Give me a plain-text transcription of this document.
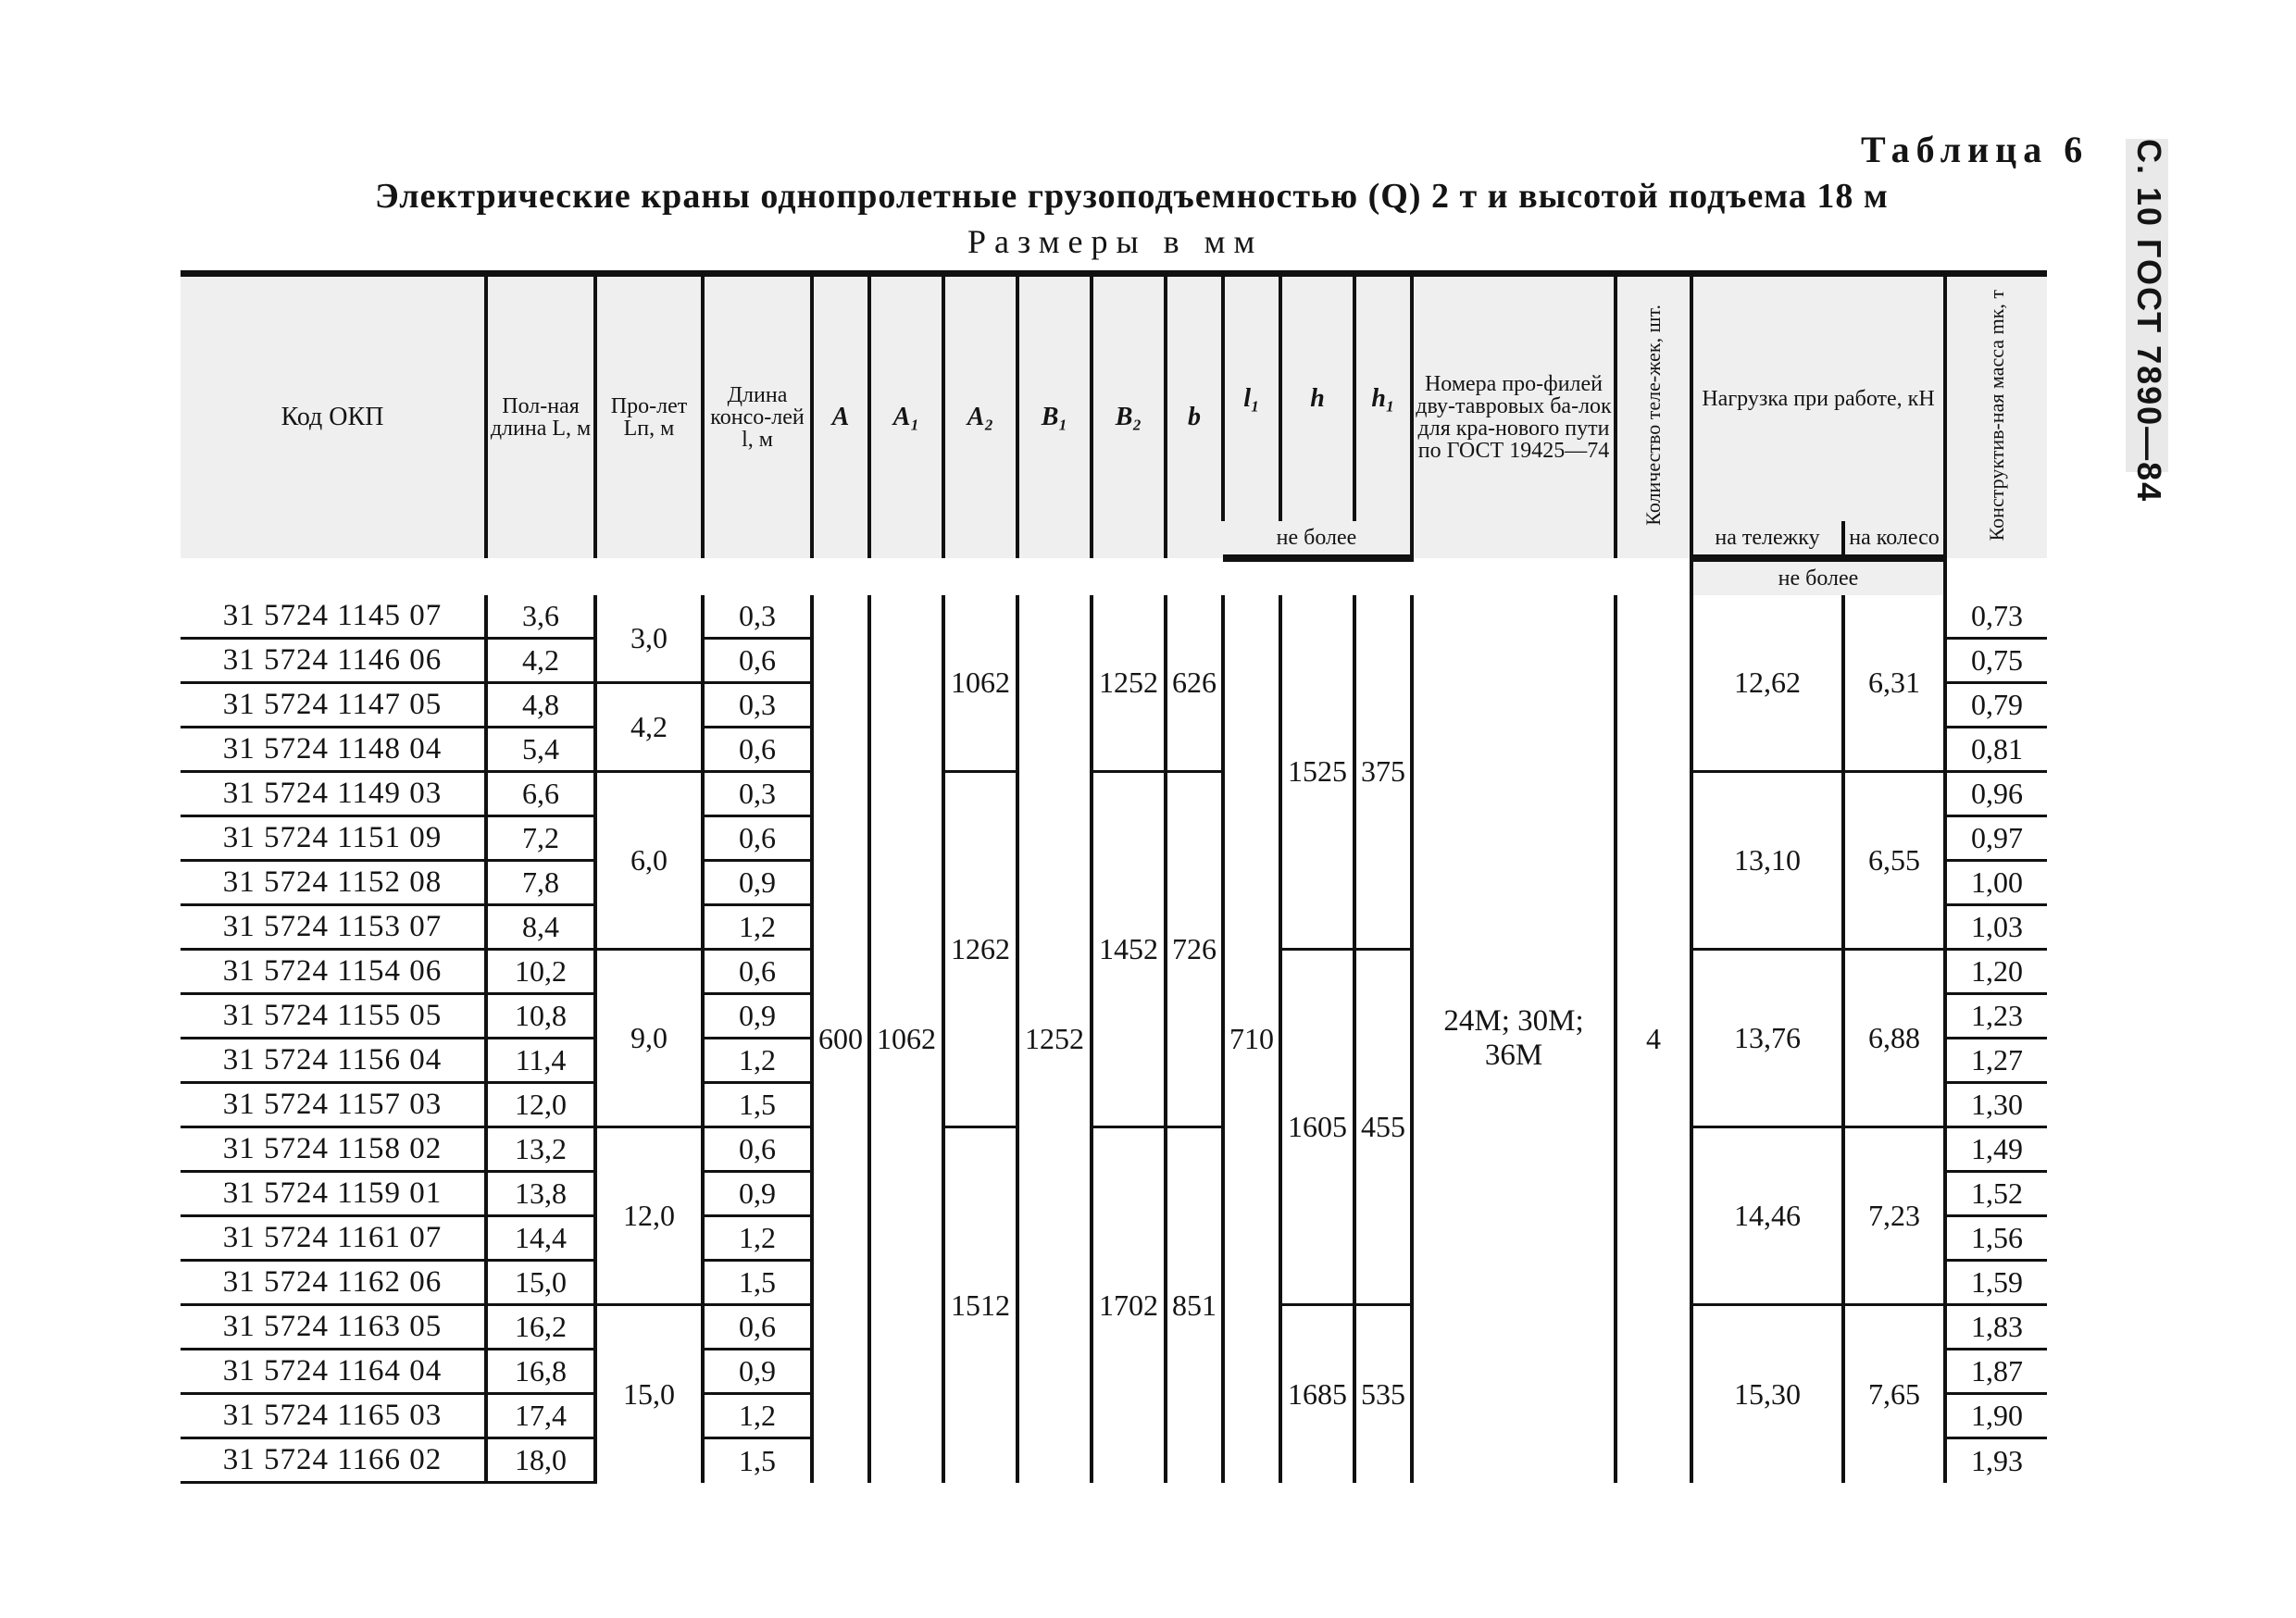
Таблица 6 С. 10 ГОСТ 7890—84
Электрические краны однопролетные грузоподъемностью (Q) 2 т и высотой подъема 18 м
Размеры в мм
Код ОКП	Пол-ная длина L, м	Про-лет Lп, м	Длина консо-лей l, м	A	A₁	A₂	B₁	B₂	b	l₁	h	h₁	Номера про-филей дву-тавровых ба-лок для кра-нового пути по ГОСТ 19425—74	Количество теле-жек, шт.	Нагрузка при работе, кН		Конструктив-ная масса mк, т
										не более					на тележку	на колесо	
															не более		
31 5724 1145 07	3,6	3,0	0,3	600	1062	1062	1252	1252	626	710	1525	375	24М; 30М; 36М	4	12,62	6,31	0,73
31 5724 1146 06	4,2		0,6														0,75
31 5724 1147 05	4,8	4,2	0,3														0,79
31 5724 1148 04	5,4		0,6														0,81
31 5724 1149 03	6,6	6,0	0,3			1262		1452	726						13,10	6,55	0,96
31 5724 1151 09	7,2		0,6														0,97
31 5724 1152 08	7,8		0,9														1,00
31 5724 1153 07	8,4		1,2														1,03
31 5724 1154 06	10,2	9,0	0,6								1605	455			13,76	6,88	1,20
31 5724 1155 05	10,8		0,9														1,23
31 5724 1156 04	11,4		1,2														1,27
31 5724 1157 03	12,0		1,5														1,30
31 5724 1158 02	13,2	12,0	0,6			1512		1702	851						14,46	7,23	1,49
31 5724 1159 01	13,8		0,9														1,52
31 5724 1161 07	14,4		1,2														1,56
31 5724 1162 06	15,0		1,5														1,59
31 5724 1163 05	16,2	15,0	0,6								1685	535			15,30	7,65	1,83
31 5724 1164 04	16,8		0,9														1,87
31 5724 1165 03	17,4		1,2														1,90
31 5724 1166 02	18,0		1,5														1,93
